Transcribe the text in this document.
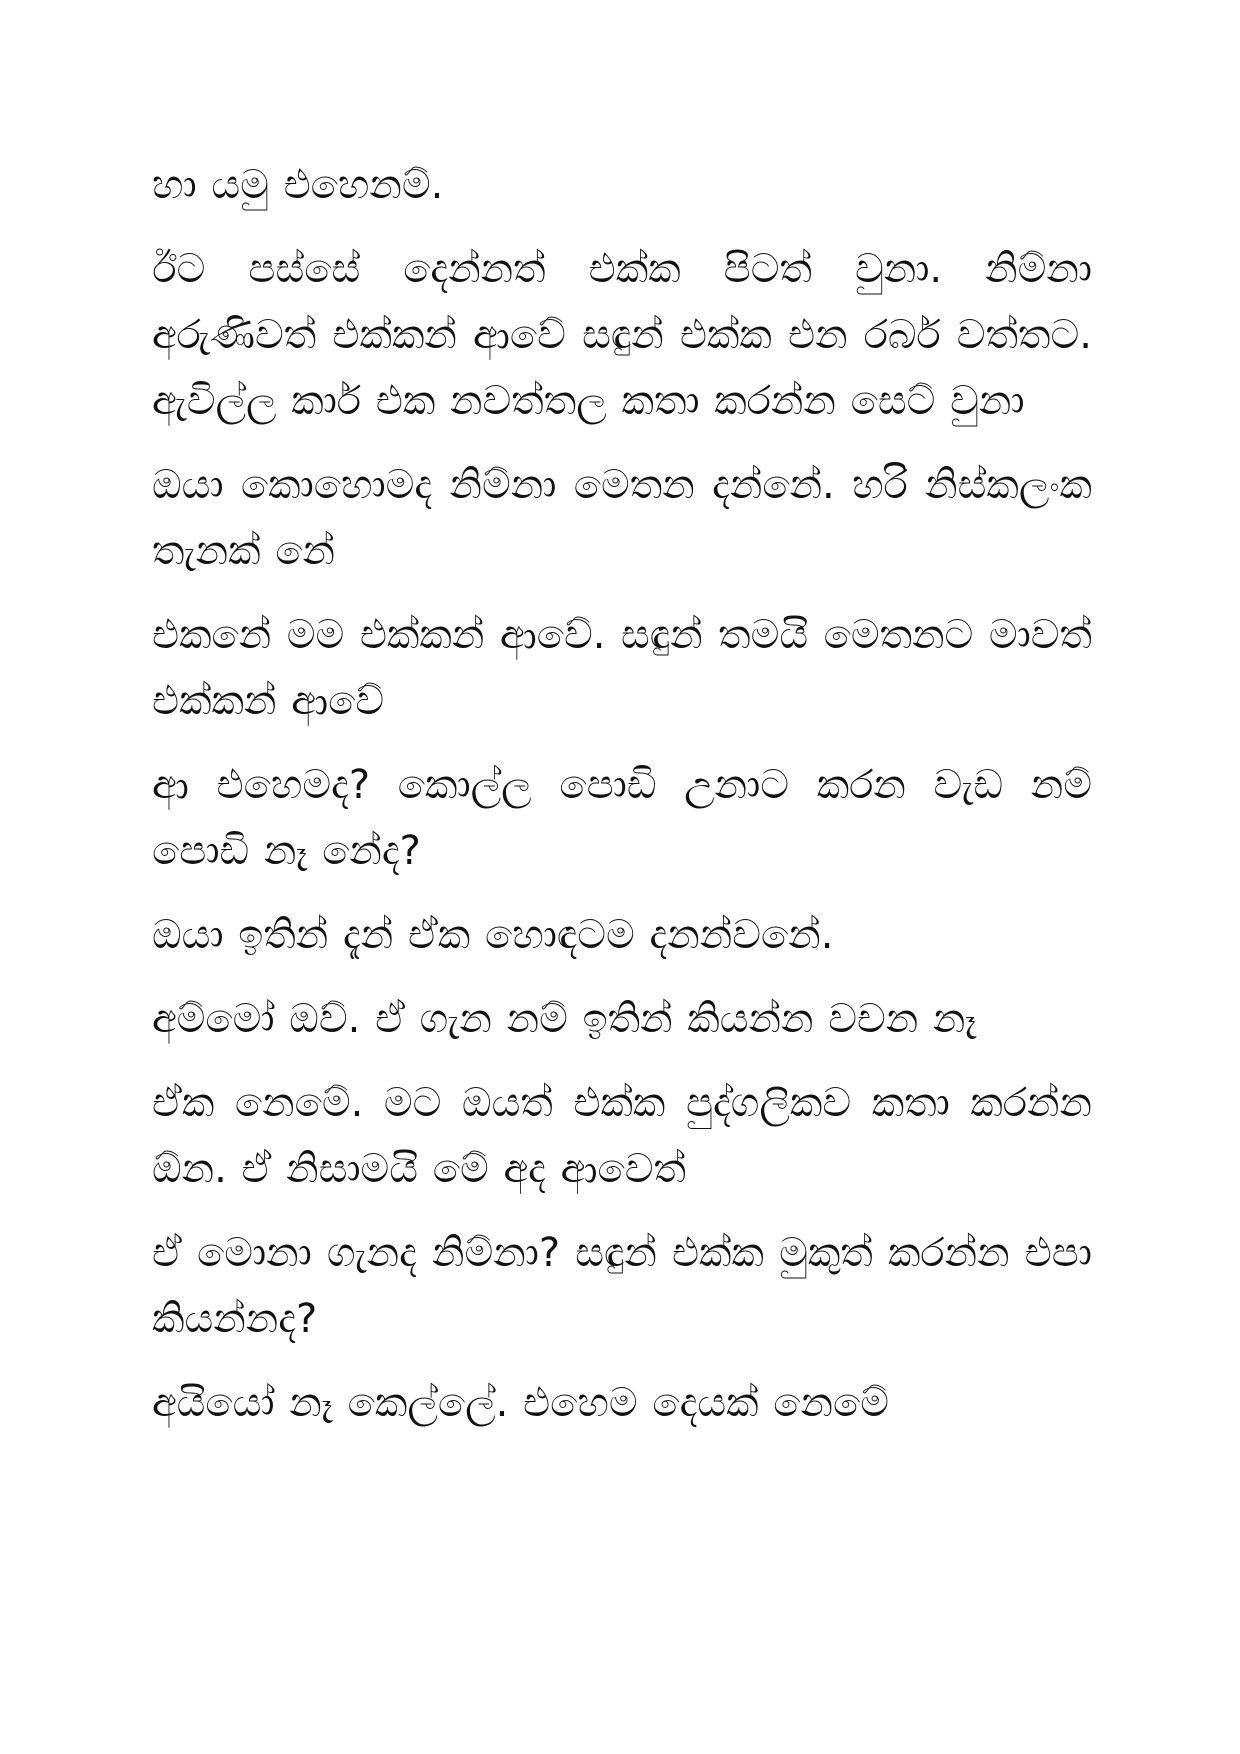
හා යමු එහෙනම්.

ඊට පස්සේ දෙන්නත් එක්ක පිටත් වුනා. නිම්නා අරුණිවත් එක්කන් ආවේ සඳුන් එක්ක එන රබර් වත්තට. ඇවිල්ල කාර් එක නවත්තල කතා කරන්න සෙට් වුනා

ඔයා කොහොමද නිම්නා මෙතන දන්නේ. හරි නිස්කලංක තැනක් නේ

එකනේ මම එක්කන් ආවේ. සඳුන් තමයි මෙතනට මාවත් එක්කන් ආවේ

ආ එහෙමද? කොල්ල පොඩි උනාට කරන වැඩ නම් පොඩි නෑ නේද?

ඔයා ඉතින් දැන් ඒක හොඳටම දනන්වනේ.

අම්මෝ ඔව්. ඒ ගැන නම් ඉතින් කියන්න වචන නෑ

ඒක නෙමේ. මට ඔයත් එක්ක පුද්ගලිකව කතා කරන්න ඕන. ඒ නිසාමයි මේ අද ආවෙත්

ඒ මොනා ගැනද නිම්නා? සඳුන් එක්ක මුකුත් කරන්න එපා කියන්නද?

අයියෝ නෑ කෙල්ලේ. එහෙම දෙයක් නෙමේ
